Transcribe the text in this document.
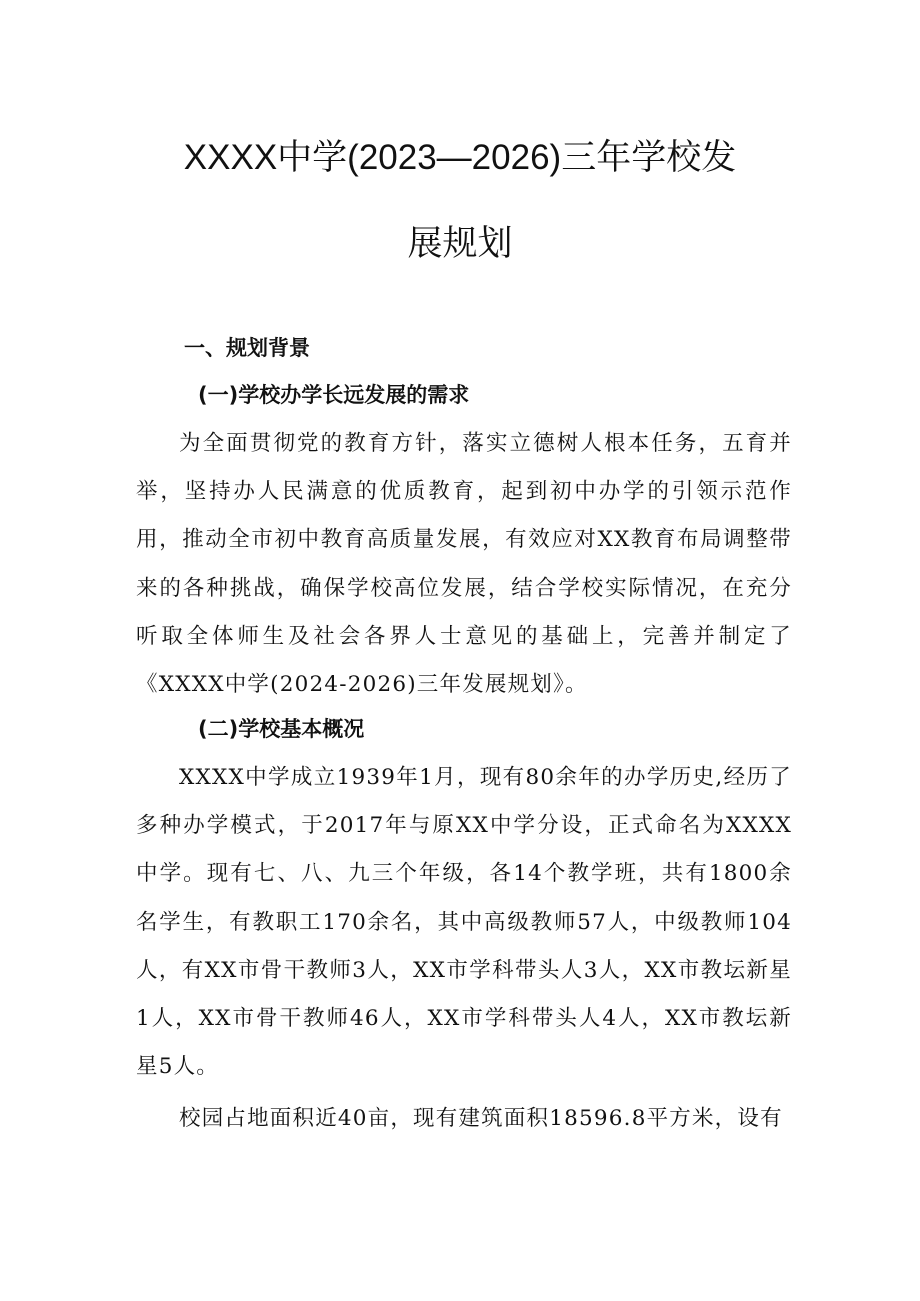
XXXX中学(2023—2026)三年学校发
展规划
一、规划背景
(一)学校办学长远发展的需求

为全面贯彻党的教育方针，落实立德树人根本任务，五育并举，坚持办人民满意的优质教育，起到初中办学的引领示范作用，推动全市初中教育高质量发展，有效应对XX教育布局调整带来的各种挑战，确保学校高位发展，结合学校实际情况，在充分听取全体师生及社会各界人士意见的基础上，完善并制定了《XXXX中学(2024-2026)三年发展规划》。

(二)学校基本概况

XXXX中学成立1939年1月，现有80余年的办学历史,经历了多种办学模式，于2017年与原XX中学分设，正式命名为XXXX中学。现有七、八、九三个年级，各14个教学班，共有1800余名学生，有教职工170余名，其中高级教师57人，中级教师104人，有XX市骨干教师3人，XX市学科带头人3人，XX市教坛新星1人，XX市骨干教师46人，XX市学科带头人4人，XX市教坛新星5人。

校园占地面积近40亩，现有建筑面积18596.8平方米，设有
